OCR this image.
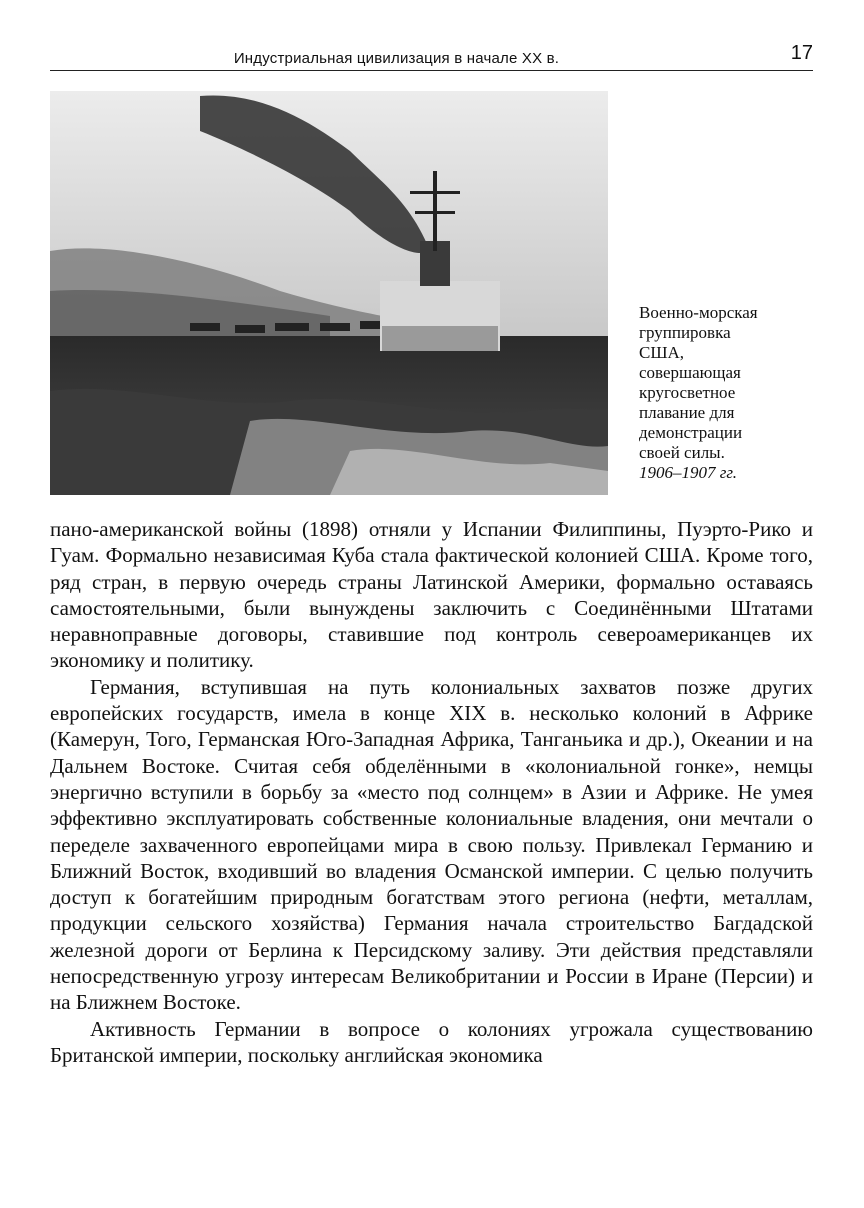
Индустриальная цивилизация в начале XX в.	17
Военно-морская
группировка
США,
совершающая
кругосветное
плавание для
демонстрации
своей силы.
1906–1907 гг.

пано-американской войны (1898) отняли у Испании Филиппины, Пуэрто-Рико и Гуам. Формально независимая Куба стала фактической колонией США. Кроме того, ряд стран, в первую очередь страны Латинской Америки, формально оставаясь самостоятельными, были вынуждены заключить с Соединёнными Штатами неравноправные договоры, ставившие под контроль североамериканцев их экономику и политику.

Германия, вступившая на путь колониальных захватов позже других европейских государств, имела в конце XIX в. несколько колоний в Африке (Камерун, Того, Германская Юго-Западная Африка, Танганьика и др.), Океании и на Дальнем Востоке. Считая себя обделёнными в «колониальной гонке», немцы энергично вступили в борьбу за «место под солнцем» в Азии и Африке. Не умея эффективно эксплуатировать собственные колониальные владения, они мечтали о переделе захваченного европейцами мира в свою пользу. Привлекал Германию и Ближний Восток, входивший во владения Османской империи. С целью получить доступ к богатейшим природным богатствам этого региона (нефти, металлам, продукции сельского хозяйства) Германия начала строительство Багдадской железной дороги от Берлина к Персидскому заливу. Эти действия представляли непосредственную угрозу интересам Великобритании и России в Иране (Персии) и на Ближнем Востоке.

Активность Германии в вопросе о колониях угрожала существованию Британской империи, поскольку английская экономика
